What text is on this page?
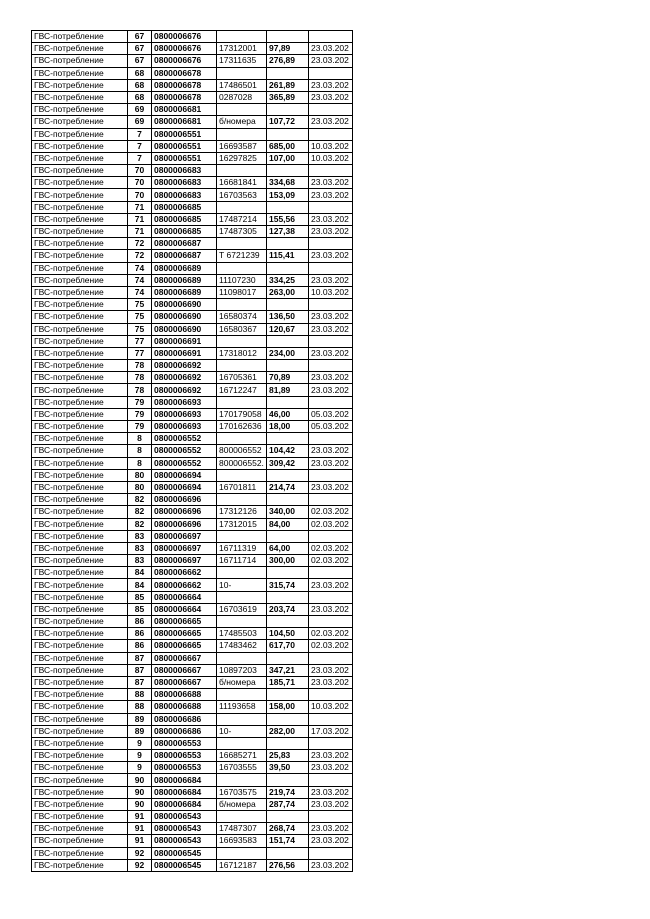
ГВС-потребление	67	0800006676			
ГВС-потребление	67	0800006676	17312001	97,89	23.03.202
ГВС-потребление	67	0800006676	17311635	276,89	23.03.202
ГВС-потребление	68	0800006678			
ГВС-потребление	68	0800006678	17486501	261,89	23.03.202
ГВС-потребление	68	0800006678	0287028	365,89	23.03.202
ГВС-потребление	69	0800006681			
ГВС-потребление	69	0800006681	б/номера	107,72	23.03.202
ГВС-потребление	7	0800006551			
ГВС-потребление	7	0800006551	16693587	685,00	10.03.202
ГВС-потребление	7	0800006551	16297825	107,00	10.03.202
ГВС-потребление	70	0800006683			
ГВС-потребление	70	0800006683	16681841	334,68	23.03.202
ГВС-потребление	70	0800006683	16703563	153,09	23.03.202
ГВС-потребление	71	0800006685			
ГВС-потребление	71	0800006685	17487214	155,56	23.03.202
ГВС-потребление	71	0800006685	17487305	127,38	23.03.202
ГВС-потребление	72	0800006687			
ГВС-потребление	72	0800006687	Т 6721239	115,41	23.03.202
ГВС-потребление	74	0800006689			
ГВС-потребление	74	0800006689	11107230	334,25	23.03.202
ГВС-потребление	74	0800006689	11098017	263,00	10.03.202
ГВС-потребление	75	0800006690			
ГВС-потребление	75	0800006690	16580374	136,50	23.03.202
ГВС-потребление	75	0800006690	16580367	120,67	23.03.202
ГВС-потребление	77	0800006691			
ГВС-потребление	77	0800006691	17318012	234,00	23.03.202
ГВС-потребление	78	0800006692			
ГВС-потребление	78	0800006692	16705361	70,89	23.03.202
ГВС-потребление	78	0800006692	16712247	81,89	23.03.202
ГВС-потребление	79	0800006693			
ГВС-потребление	79	0800006693	170179058	46,00	05.03.202
ГВС-потребление	79	0800006693	170162636	18,00	05.03.202
ГВС-потребление	8	0800006552			
ГВС-потребление	8	0800006552	800006552	104,42	23.03.202
ГВС-потребление	8	0800006552	800006552.	309,42	23.03.202
ГВС-потребление	80	0800006694			
ГВС-потребление	80	0800006694	16701811	214,74	23.03.202
ГВС-потребление	82	0800006696			
ГВС-потребление	82	0800006696	17312126	340,00	02.03.202
ГВС-потребление	82	0800006696	17312015	84,00	02.03.202
ГВС-потребление	83	0800006697			
ГВС-потребление	83	0800006697	16711319	64,00	02.03.202
ГВС-потребление	83	0800006697	16711714	300,00	02.03.202
ГВС-потребление	84	0800006662			
ГВС-потребление	84	0800006662	10-	315,74	23.03.202
ГВС-потребление	85	0800006664			
ГВС-потребление	85	0800006664	16703619	203,74	23.03.202
ГВС-потребление	86	0800006665			
ГВС-потребление	86	0800006665	17485503	104,50	02.03.202
ГВС-потребление	86	0800006665	17483462	617,70	02.03.202
ГВС-потребление	87	0800006667			
ГВС-потребление	87	0800006667	10897203	347,21	23.03.202
ГВС-потребление	87	0800006667	б/номера	185,71	23.03.202
ГВС-потребление	88	0800006688			
ГВС-потребление	88	0800006688	11193658	158,00	10.03.202
ГВС-потребление	89	0800006686			
ГВС-потребление	89	0800006686	10-	282,00	17.03.202
ГВС-потребление	9	0800006553			
ГВС-потребление	9	0800006553	16685271	25,83	23.03.202
ГВС-потребление	9	0800006553	16703555	39,50	23.03.202
ГВС-потребление	90	0800006684			
ГВС-потребление	90	0800006684	16703575	219,74	23.03.202
ГВС-потребление	90	0800006684	б/номера	287,74	23.03.202
ГВС-потребление	91	0800006543			
ГВС-потребление	91	0800006543	17487307	268,74	23.03.202
ГВС-потребление	91	0800006543	16693583	151,74	23.03.202
ГВС-потребление	92	0800006545			
ГВС-потребление	92	0800006545	16712187	276,56	23.03.202
